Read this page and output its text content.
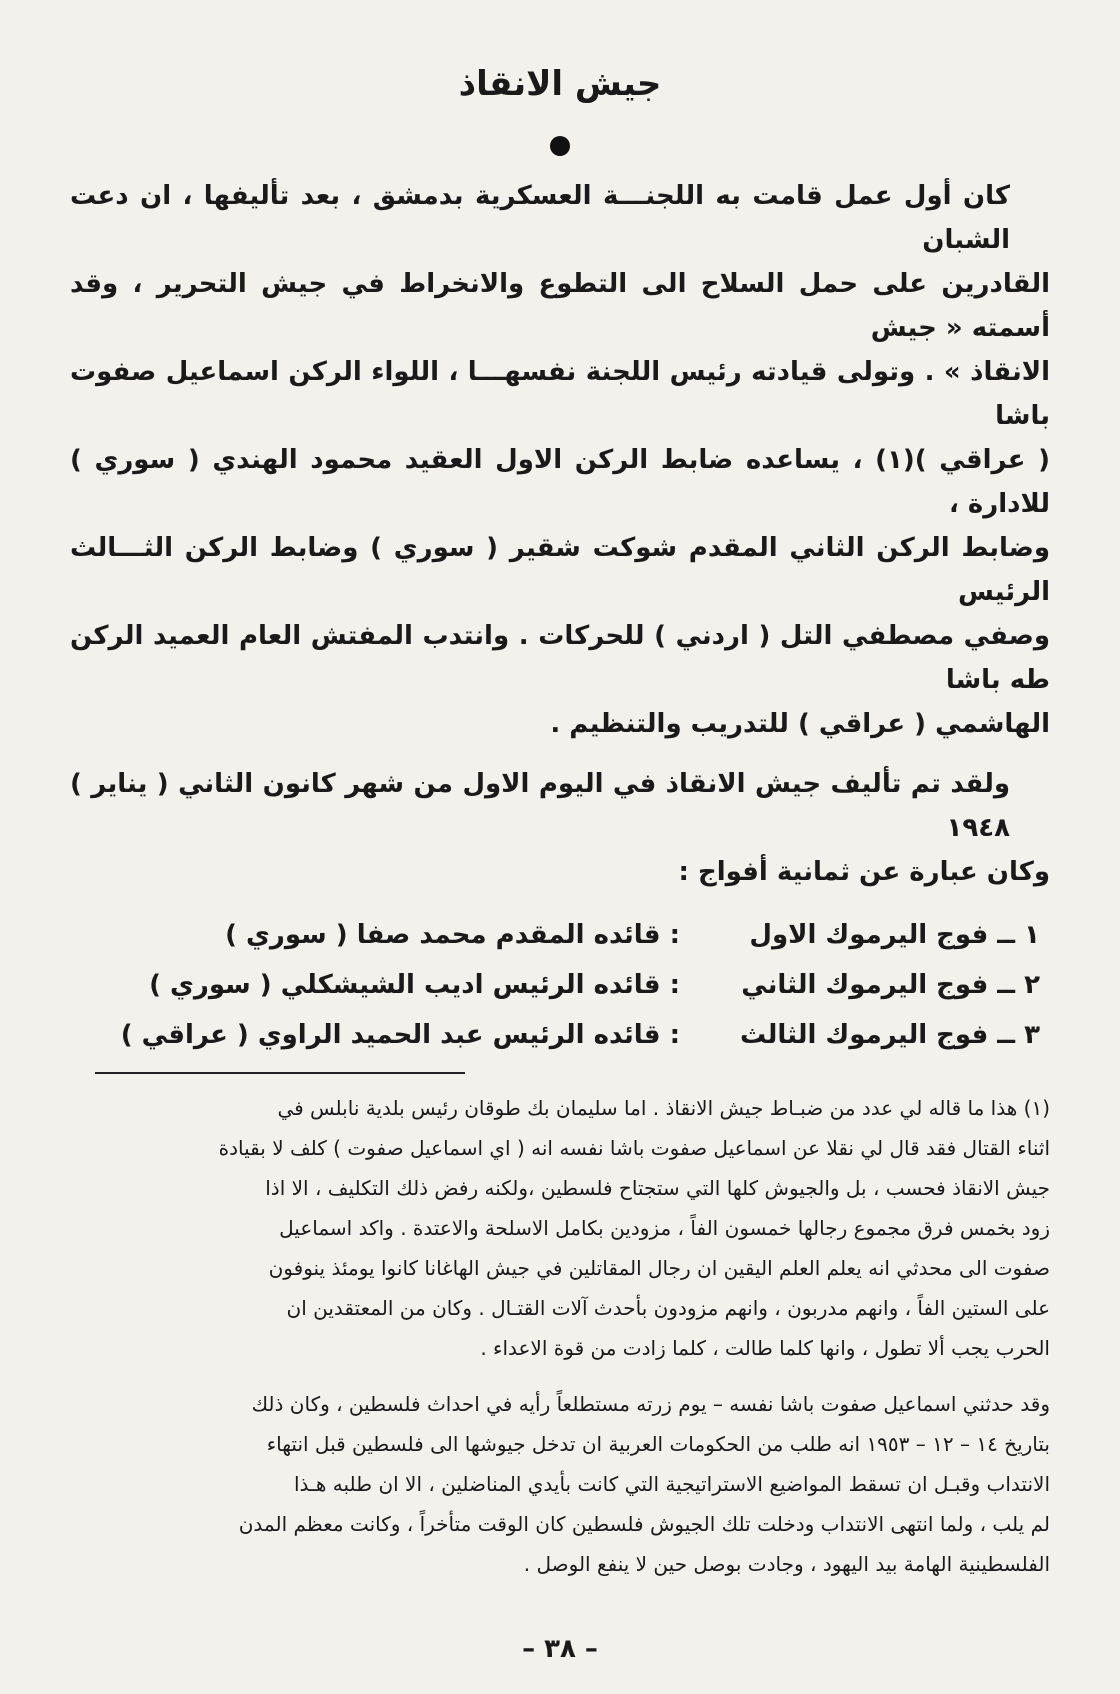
جيش الانقاذ
كان أول عمل قامت به اللجنـــة العسكرية بدمشق ، بعد تأليفها ، ان دعت الشبان
القادرين على حمل السلاح الى التطوع والانخراط في جيش التحرير ، وقد أسمته « جيش
الانقاذ » . وتولى قيادته رئيس اللجنة نفسهـــا ، اللواء الركن اسماعيل صفوت باشا
( عراقي )(١) ، يساعده ضابط الركن الاول العقيد محمود الهندي ( سوري ) للادارة ،
وضابط الركن الثاني المقدم شوكت شقير ( سوري ) وضابط الركن الثـــالث الرئيس
وصفي مصطفي التل ( اردني ) للحركات . وانتدب المفتش العام العميد الركن طه باشا
الهاشمي ( عراقي ) للتدريب والتنظيم .
ولقد تم تأليف جيش الانقاذ في اليوم الاول من شهر كانون الثاني ( يناير ) ١٩٤٨
وكان عبارة عن ثمانية أفواج :
١ ــ فوج اليرموك الاول
: قائده المقدم محمد صفا ( سوري )
٢ ــ فوج اليرموك الثاني
: قائده الرئيس اديب الشيشكلي ( سوري )
٣ ــ فوج اليرموك الثالث
: قائده الرئيس عبد الحميد الراوي ( عراقي )
(١) هذا ما قاله لي عدد من ضبـاط جيش الانقاذ . اما سليمان بك طوقان رئيس بلدية نابلس في
اثناء القتال فقد قال لي نقلا عن اسماعيل صفوت باشا نفسه انه ( اي اسماعيل صفوت ) كلف لا بقيادة
جيش الانقاذ فحسب ، بل والجيوش كلها التي ستجتاح فلسطين ،ولكنه رفض ذلك التكليف ، الا اذا
زود بخمس فرق مجموع رجالها خمسون الفاً ، مزودين بكامل الاسلحة والاعتدة . واكد اسماعيل
صفوت الى محدثي انه يعلم العلم اليقين ان رجال المقاتلين في جيش الهاغانا كانوا يومئذ ينوفون
على الستين الفاً ، وانهم مدربون ، وانهم مزودون بأحدث آلات القتـال . وكان من المعتقدين ان
الحرب يجب ألا تطول ، وانها كلما طالت ، كلما زادت من قوة الاعداء .
وقد حدثني اسماعيل صفوت باشا نفسه – يوم زرته مستطلعاً رأيه في احداث فلسطين ، وكان ذلك
بتاريخ ١٤ – ١٢ – ١٩٥٣ انه طلب من الحكومات العربية ان تدخل جيوشها الى فلسطين قبل انتهاء
الانتداب وقبـل ان تسقط المواضيع الاستراتيجية التي كانت بأيدي المناضلين ، الا ان طلبه هـذا
لم يلب ، ولما انتهى الانتداب ودخلت تلك الجيوش فلسطين كان الوقت متأخراً ، وكانت معظم المدن
الفلسطينية الهامة بيد اليهود ، وجادت بوصل حين لا ينفع الوصل .
– ٣٨ –
